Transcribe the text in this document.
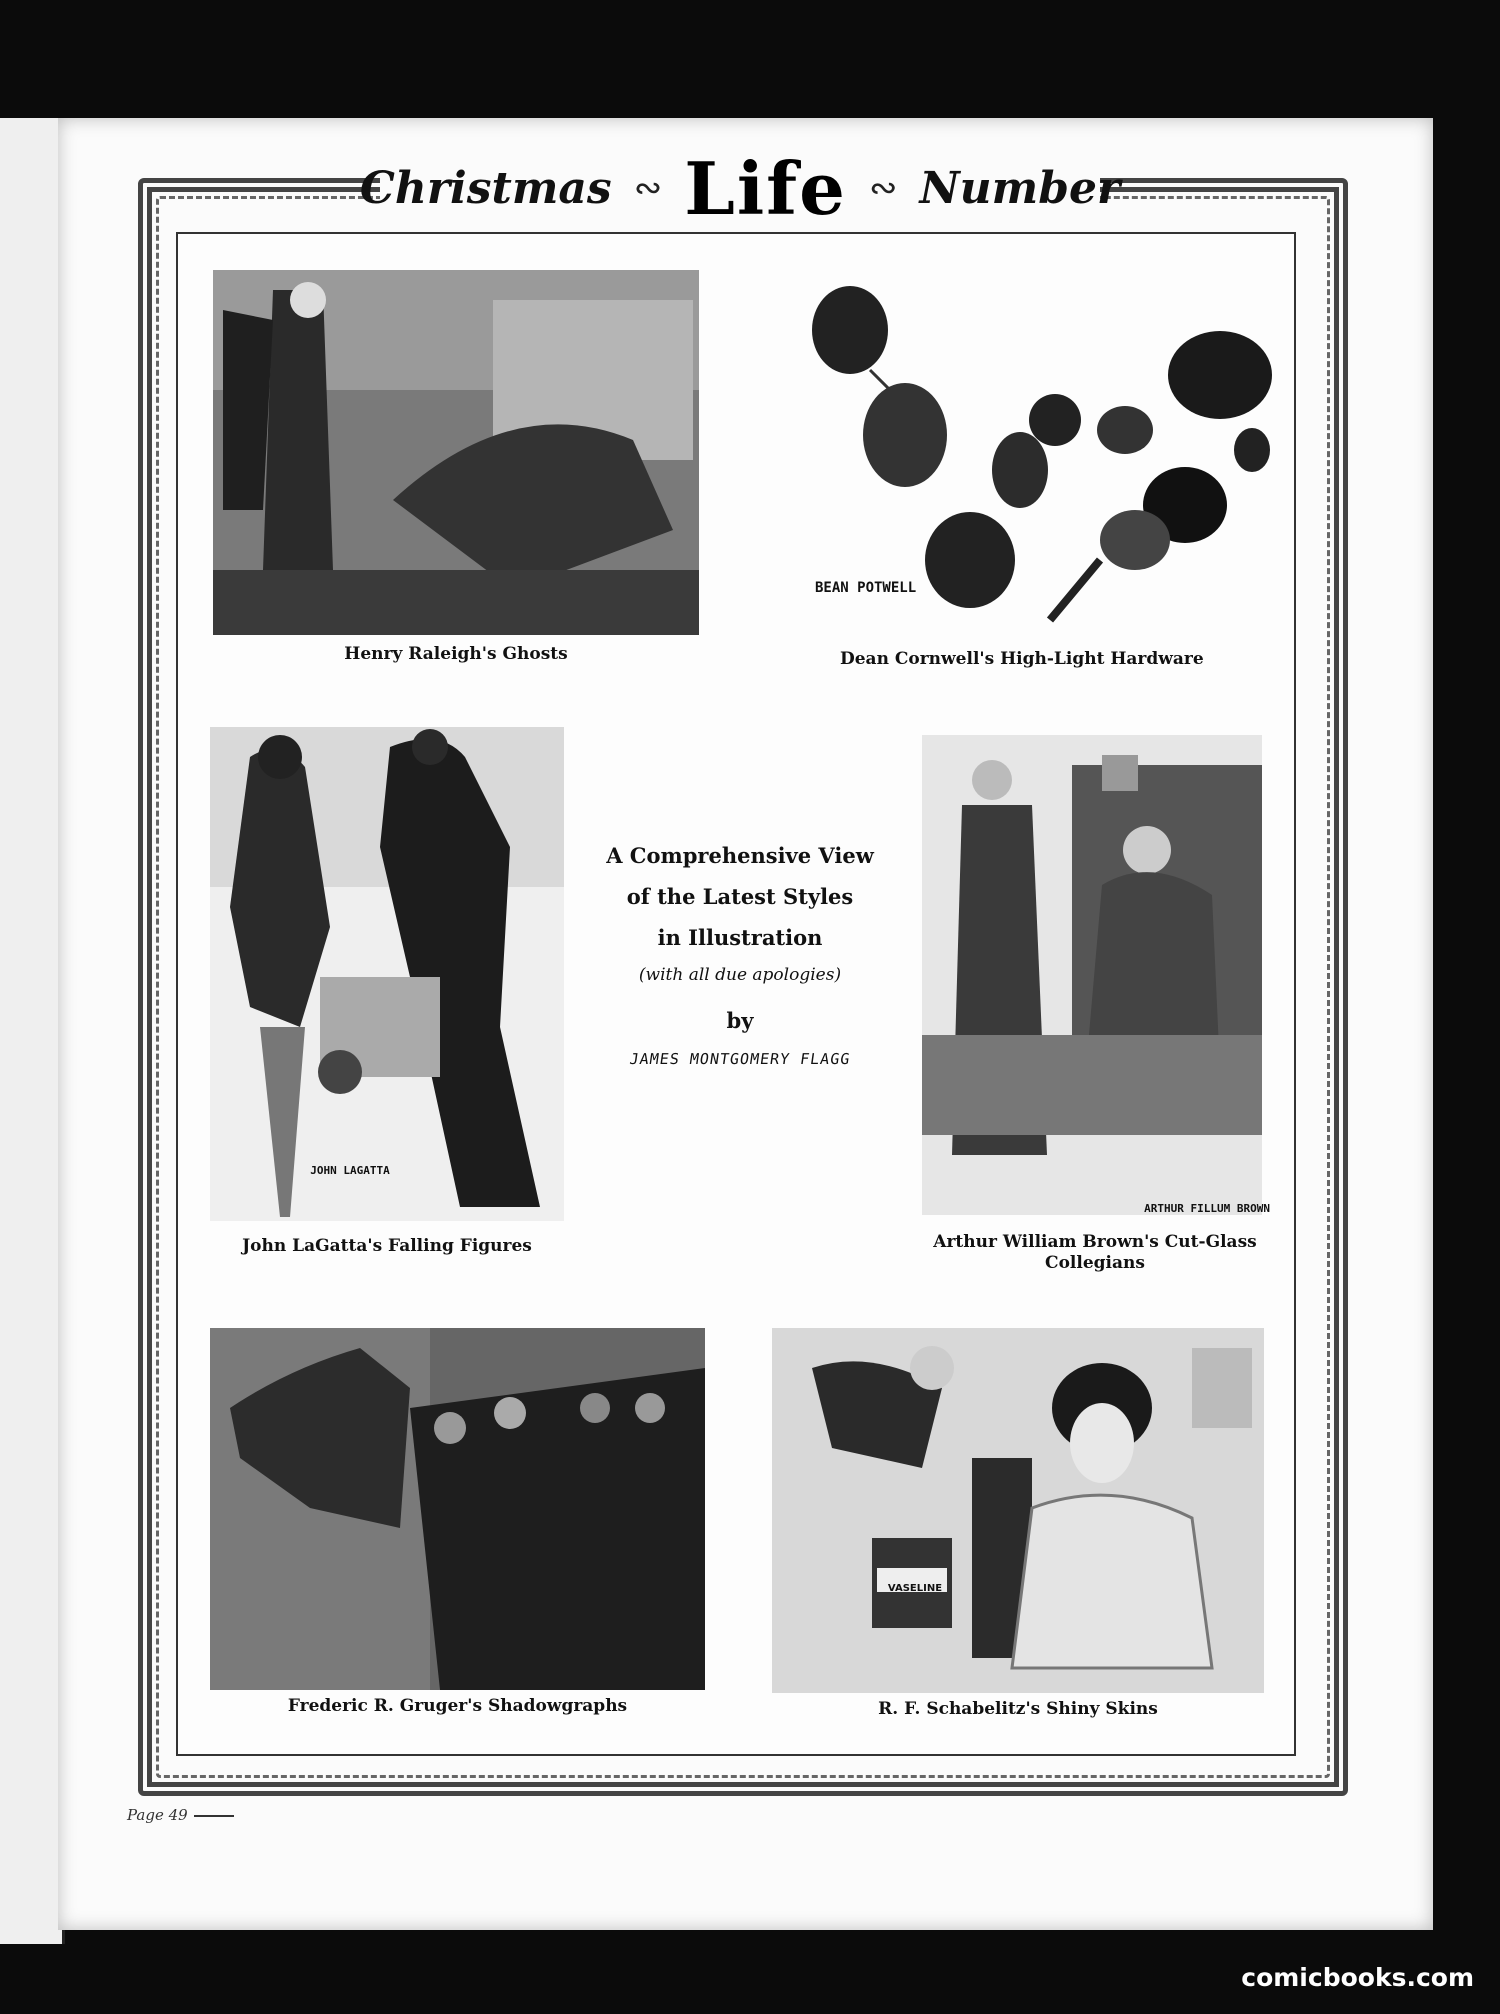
Christmas ∾ Life ∾ Number
Henry Raleigh's Ghosts
BEAN POTWELL
Dean Cornwell's High-Light Hardware
JOHN LAGATTA
John LaGatta's Falling Figures
A Comprehensive View
of the Latest Styles
in Illustration
(with all due apologies)
by
JAMES MONTGOMERY FLAGG
ARTHUR FILLUM BROWN
Arthur William Brown's Cut-Glass Collegians
Frederic R. Gruger's Shadowgraphs
VASELINE
R. F. Schabelitz's Shiny Skins
Page 49
comicbooks.com
